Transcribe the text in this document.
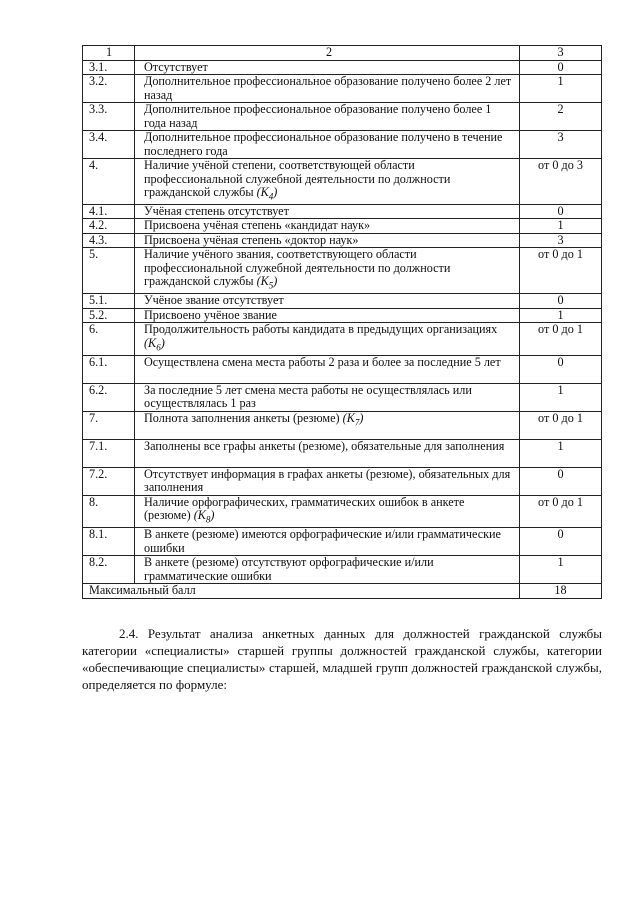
1	2	3
3.1.	Отсутствует	0
3.2.	Дополнительное профессиональное образование получено более 2 лет назад	1
3.3.	Дополнительное профессиональное образование получено более 1 года назад	2
3.4.	Дополнительное профессиональное образование получено в течение последнего года	3
4.	Наличие учёной степени, соответствующей области профессиональной служебной деятельности по должности гражданской службы $(K_4)$	от 0 до 3
4.1.	Учёная степень отсутствует	0
4.2.	Присвоена учёная степень «кандидат наук»	1
4.3.	Присвоена учёная степень «доктор наук»	3
5.	Наличие учёного звания, соответствующего области профессиональной служебной деятельности по должности гражданской службы $(K_5)$	от 0 до 1
5.1.	Учёное звание отсутствует	0
5.2.	Присвоено учёное звание	1
6.	Продолжительность работы кандидата в предыдущих организациях $(K_6)$	от 0 до 1
6.1.	Осуществлена смена места работы 2 раза и более за последние 5 лет	0
6.2.	За последние 5 лет смена места работы не осуществлялась или осуществлялась 1 раз	1
7.	Полнота заполнения анкеты (резюме) $(K_7)$	от 0 до 1
7.1.	Заполнены все графы анкеты (резюме), обязательные для заполнения	1
7.2.	Отсутствует информация в графах анкеты (резюме), обязательных для заполнения	0
8.	Наличие орфографических, грамматических ошибок в анкете (резюме) $(K_8)$	от 0 до 1
8.1.	В анкете (резюме) имеются орфографические и/или грамматические ошибки	0
8.2.	В анкете (резюме) отсутствуют орфографические и/или грамматические ошибки	1
Максимальный балл		18

2.4. Результат анализа анкетных данных для должностей гражданской службы категории «специалисты» старшей группы должностей гражданской службы, категории «обеспечивающие специалисты» старшей, младшей групп должностей гражданской службы, определяется по формуле:
